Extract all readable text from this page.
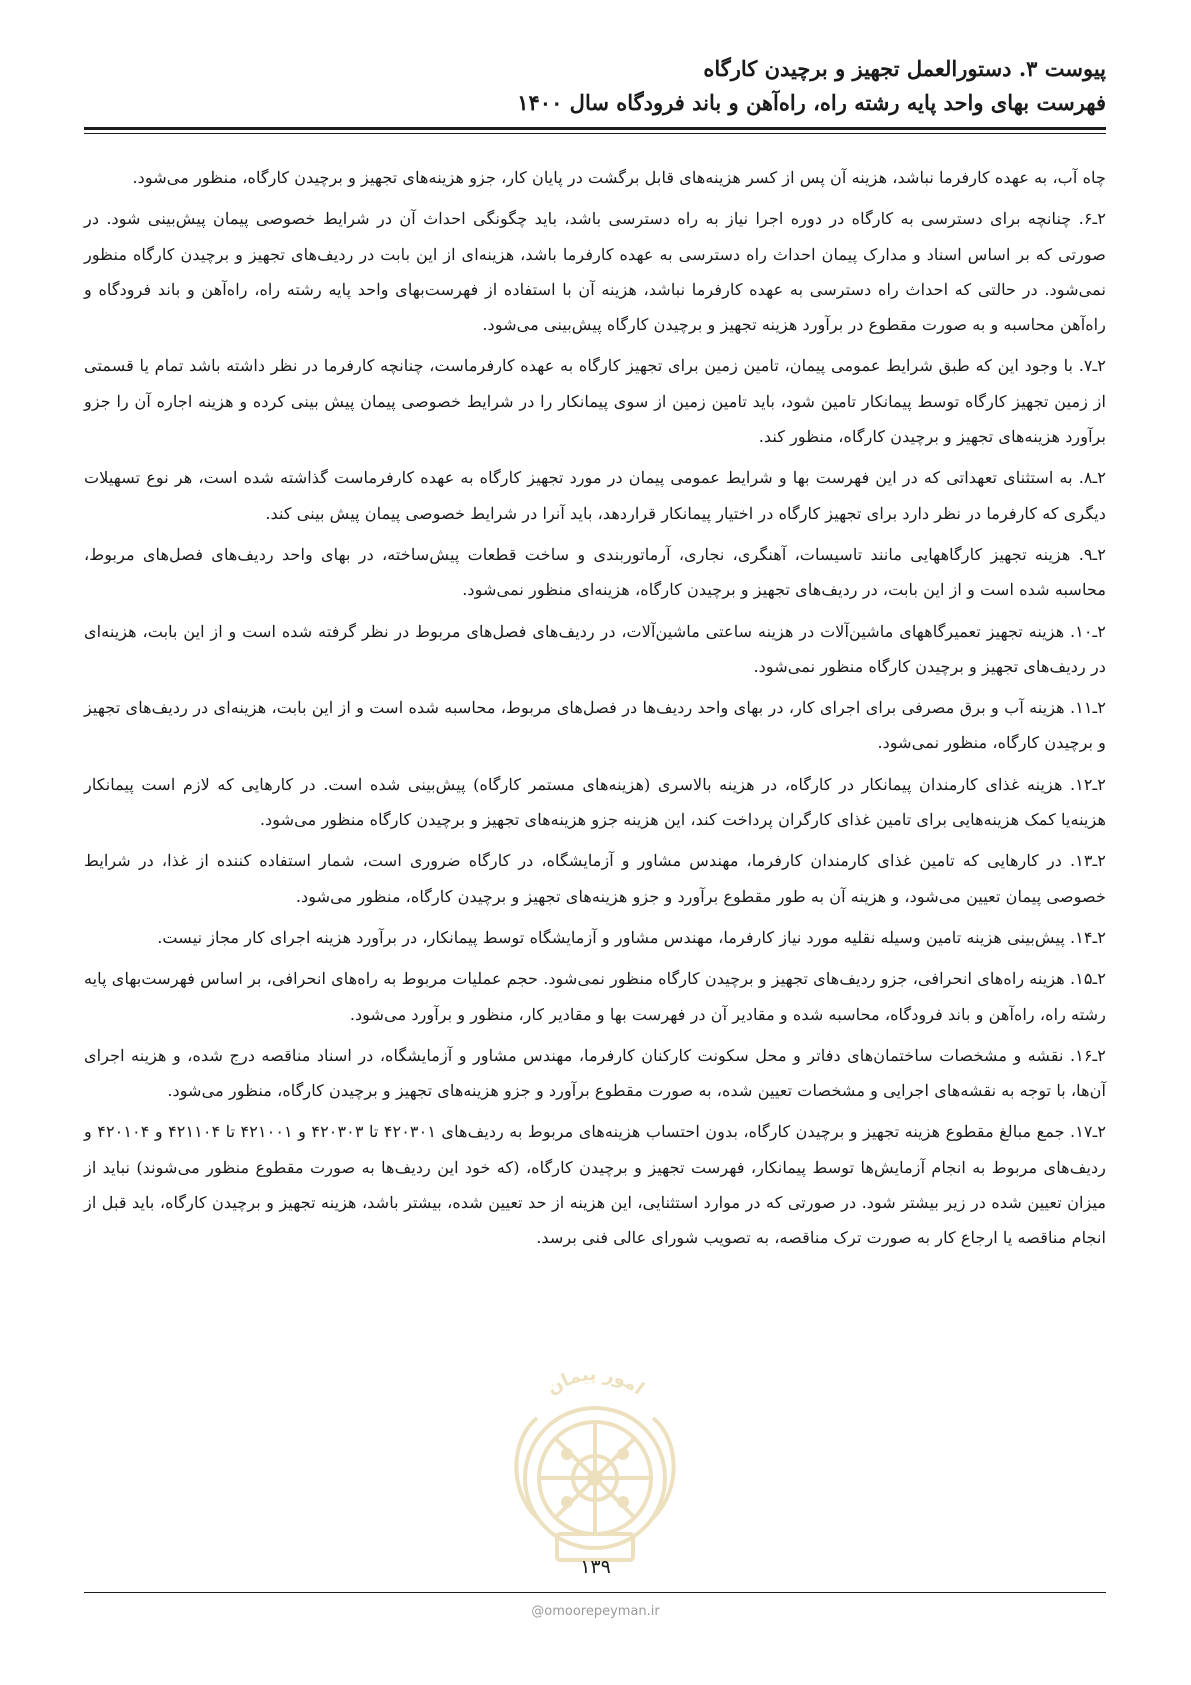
پیوست ۳. دستورالعمل تجهیز و برچیدن کارگاه
فهرست بهای واحد پایه رشته راه، راه‌آهن و باند فرودگاه سال ۱۴۰۰

چاه آب، به عهده کارفرما نباشد، هزینه آن پس از کسر هزینه‌های قابل برگشت در پایان کار، جزو هزینه‌های تجهیز و برچیدن کارگاه، منظور می‌شود.

۲ـ۶. چنانچه برای دسترسی به کارگاه در دوره اجرا نیاز به راه دسترسی باشد، باید چگونگی احداث آن در شرایط خصوصی پیمان پیش‌بینی شود. در صورتی که بر اساس اسناد و مدارک پیمان احداث راه دسترسی به عهده کارفرما باشد، هزینه‌ای از این بابت در ردیف‌های تجهیز و برچیدن کارگاه منظور نمی‌شود. در حالتی که احداث راه دسترسی به عهده کارفرما نباشد، هزینه آن با استفاده از فهرست‌بهای واحد پایه رشته راه، راه‌آهن و باند فرودگاه و راه‌آهن محاسبه و به صورت مقطوع در برآورد هزینه تجهیز و برچیدن کارگاه پیش‌بینی می‌شود.

۲ـ۷. با وجود این که طبق شرایط عمومی پیمان، تامین زمین برای تجهیز کارگاه به عهده کارفرماست، چنانچه کارفرما در نظر داشته باشد تمام یا قسمتی از زمین تجهیز کارگاه توسط پیمانکار تامین شود، باید تامین زمین از سوی پیمانکار را در شرایط خصوصی پیمان پیش بینی کرده و هزینه اجاره آن را جزو برآورد هزینه‌های تجهیز و برچیدن کارگاه، منظور کند.

۲ـ۸. به استثنای تعهداتی که در این فهرست بها و شرایط عمومی پیمان در مورد تجهیز کارگاه به عهده کارفرماست گذاشته شده است، هر نوع تسهیلات دیگری که کارفرما در نظر دارد برای تجهیز کارگاه در اختیار پیمانکار قراردهد، باید آنرا در شرایط خصوصی پیمان پیش بینی کند.

۲ـ۹. هزینه تجهیز کارگاههایی مانند تاسیسات، آهنگری، نجاری، آرماتوربندی و ساخت قطعات پیش‌ساخته، در بهای واحد ردیف‌های فصل‌های مربوط، محاسبه شده است و از این بابت، در ردیف‌های تجهیز و برچیدن کارگاه، هزینه‌ای منظور نمی‌شود.

۲ـ۱۰. هزینه تجهیز تعمیرگاههای ماشین‌آلات در هزینه ساعتی ماشین‌آلات، در ردیف‌های فصل‌های مربوط در نظر گرفته شده است و از این بابت، هزینه‌ای در ردیف‌های تجهیز و برچیدن کارگاه منظور نمی‌شود.

۲ـ۱۱. هزینه آب و برق مصرفی برای اجرای کار، در بهای واحد ردیف‌ها در فصل‌های مربوط، محاسبه شده است و از این بابت، هزینه‌ای در ردیف‌های تجهیز و برچیدن کارگاه، منظور نمی‌شود.

۲ـ۱۲. هزینه غذای کارمندان پیمانکار در کارگاه، در هزینه بالاسری (هزینه‌های مستمر کارگاه) پیش‌بینی شده است. در کارهایی که لازم است پیمانکار هزینه‌یا کمک هزینه‌هایی برای تامین غذای کارگران پرداخت کند، این هزینه جزو هزینه‌های تجهیز و برچیدن کارگاه منظور می‌شود.

۲ـ۱۳. در کارهایی که تامین غذای کارمندان کارفرما، مهندس مشاور و آزمایشگاه، در کارگاه ضروری است، شمار استفاده کننده از غذا، در شرایط خصوصی پیمان تعیین می‌شود، و هزینه آن به طور مقطوع برآورد و جزو هزینه‌های تجهیز و برچیدن کارگاه، منظور می‌شود.

۲ـ۱۴. پیش‌بینی هزینه تامین وسیله نقلیه مورد نیاز کارفرما، مهندس مشاور و آزمایشگاه توسط پیمانکار، در برآورد هزینه اجرای کار مجاز نیست.

۲ـ۱۵. هزینه راه‌های انحرافی، جزو ردیف‌های تجهیز و برچیدن کارگاه منظور نمی‌شود. حجم عملیات مربوط به راه‌های انحرافی، بر اساس فهرست‌بهای پایه رشته راه، راه‌آهن و باند فرودگاه، محاسبه شده و مقادیر آن در فهرست بها و مقادیر کار، منظور و برآورد می‌شود.

۲ـ۱۶. نقشه و مشخصات ساختمان‌های دفاتر و محل سکونت کارکنان کارفرما، مهندس مشاور و آزمایشگاه، در اسناد مناقصه درج شده، و هزینه اجرای آن‌ها، با توجه به نقشه‌های اجرایی و مشخصات تعیین شده، به صورت مقطوع برآورد و جزو هزینه‌های تجهیز و برچیدن کارگاه، منظور می‌شود.

۲ـ۱۷. جمع مبالغ مقطوع هزینه تجهیز و برچیدن کارگاه، بدون احتساب هزینه‌های مربوط به ردیف‌های ۴۲۰۳۰۱ تا ۴۲۰۳۰۳ و ۴۲۱۰۰۱ تا ۴۲۱۱۰۴ و ۴۲۰۱۰۴ و ردیف‌های مربوط به انجام آزمایش‌ها توسط پیمانکار، فهرست تجهیز و برچیدن کارگاه، (که خود این ردیف‌ها به صورت مقطوع منظور می‌شوند) نباید از میزان تعیین شده در زیر بیشتر شود. در صورتی که در موارد استثنایی، این هزینه از حد تعیین شده، بیشتر باشد، هزینه تجهیز و برچیدن کارگاه، باید قبل از انجام مناقصه یا ارجاع کار به صورت ترک مناقصه، به تصویب شورای عالی فنی برسد.

امور پیمان
۱۳۹
@omoorepeyman.ir
